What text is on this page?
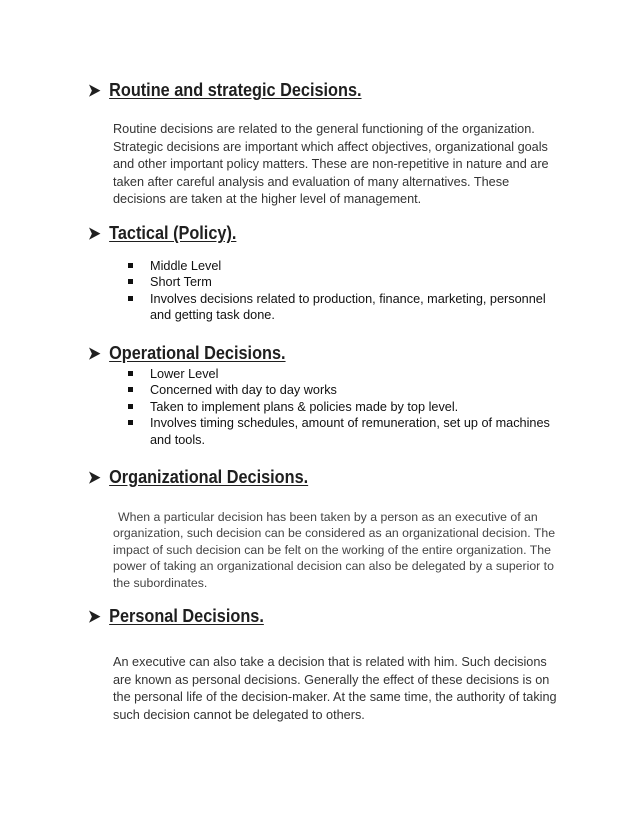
➤ Routine and strategic Decisions.

Routine decisions are related to the general functioning of the organization. Strategic decisions are important which affect objectives, organizational goals and other important policy matters. These are non-repetitive in nature and are taken after careful analysis and evaluation of many alternatives. These decisions are taken at the higher level of management.

➤ Tactical (Policy).
Middle Level
Short Term
Involves decisions related to production, finance, marketing, personnel and getting task done.
➤ Operational Decisions.
Lower Level
Concerned with day to day works
Taken to implement plans & policies made by top level.
Involves timing schedules, amount of remuneration, set up of machines and tools.
➤ Organizational Decisions.

When a particular decision has been taken by a person as an executive of an organization, such decision can be considered as an organizational decision. The impact of such decision can be felt on the working of the entire organization. The power of taking an organizational decision can also be delegated by a superior to the subordinates.

➤ Personal Decisions.

An executive can also take a decision that is related with him. Such decisions are known as personal decisions. Generally the effect of these decisions is on the personal life of the decision-maker. At the same time, the authority of taking such decision cannot be delegated to others.
